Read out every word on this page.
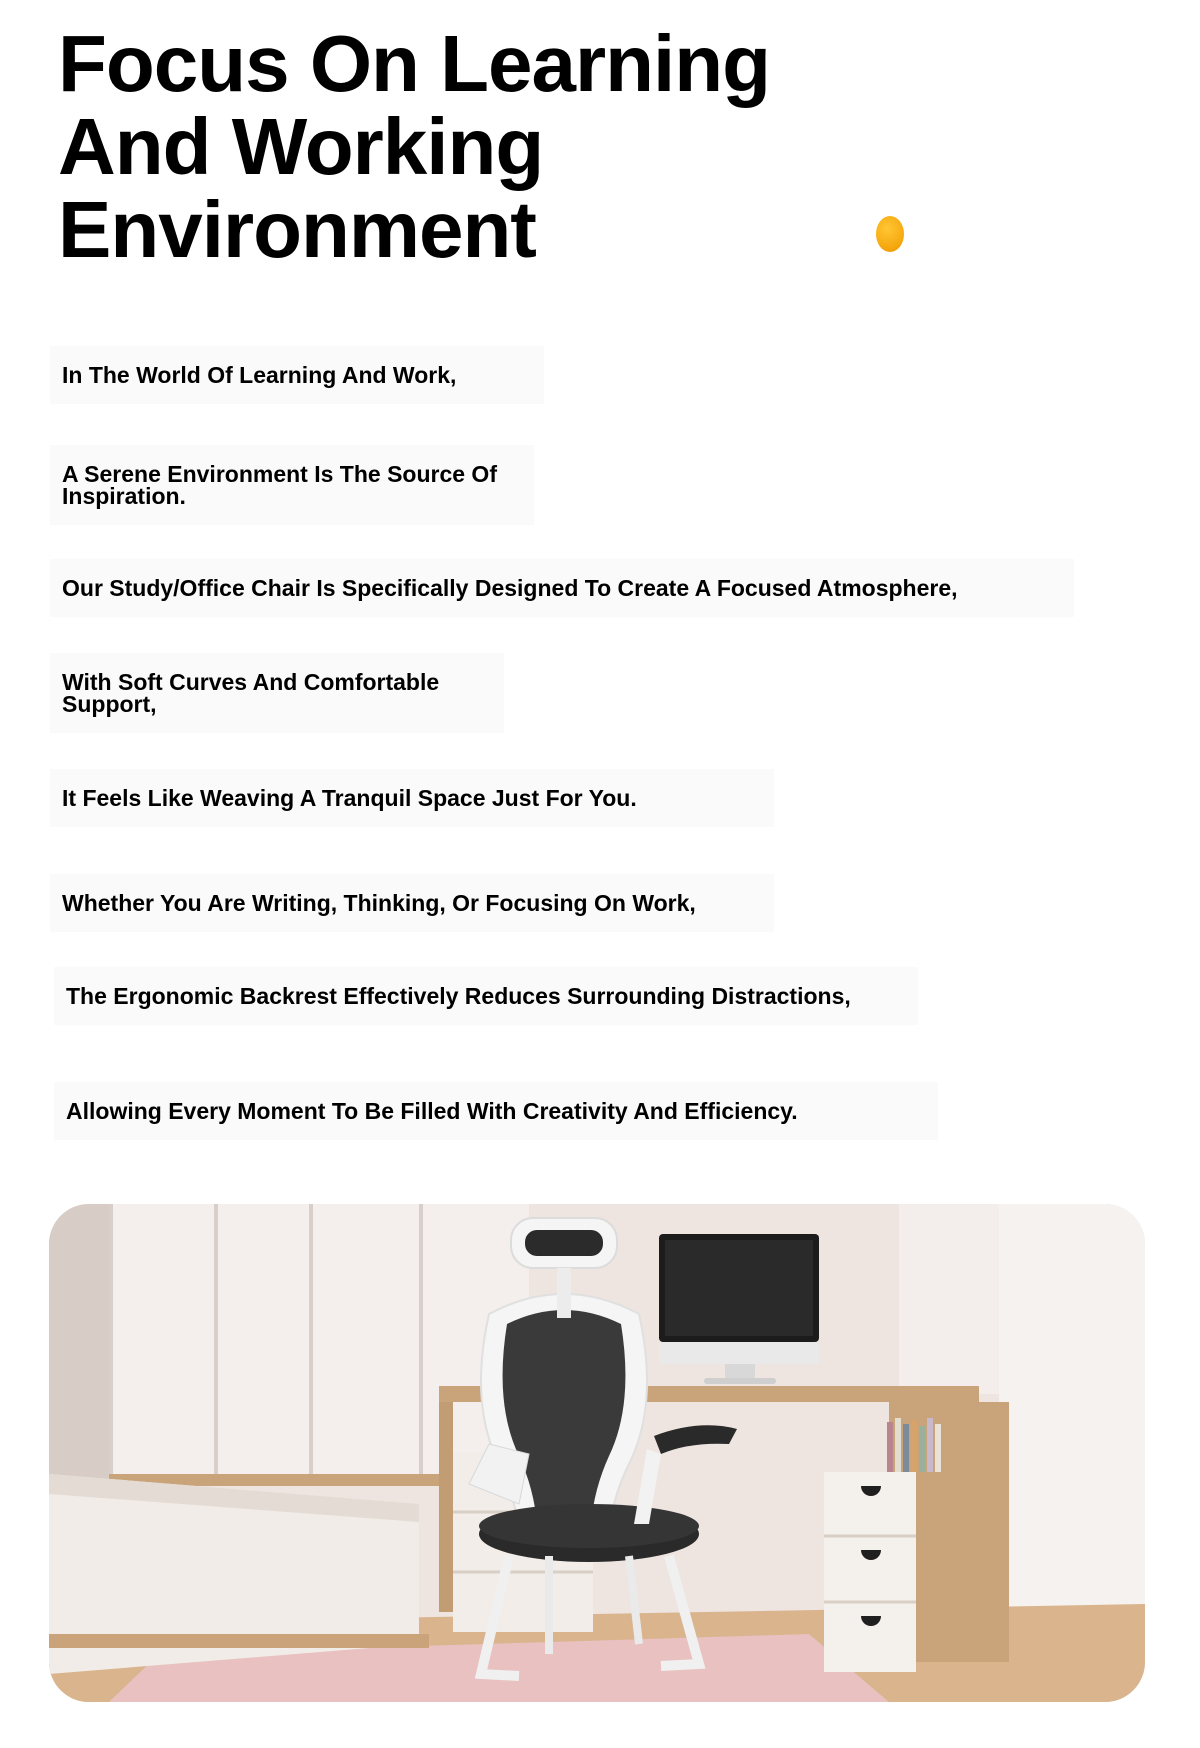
Focus On Learning
And Working
Environment
In The World Of Learning And Work,
A Serene Environment Is The Source Of Inspiration.
Our Study/Office Chair Is Specifically Designed To Create A Focused Atmosphere,
With Soft Curves And Comfortable Support,
It Feels Like Weaving A Tranquil Space Just For You.
Whether You Are Writing, Thinking, Or Focusing On Work,
The Ergonomic Backrest Effectively Reduces Surrounding Distractions,
Allowing Every Moment To Be Filled With Creativity And Efficiency.
